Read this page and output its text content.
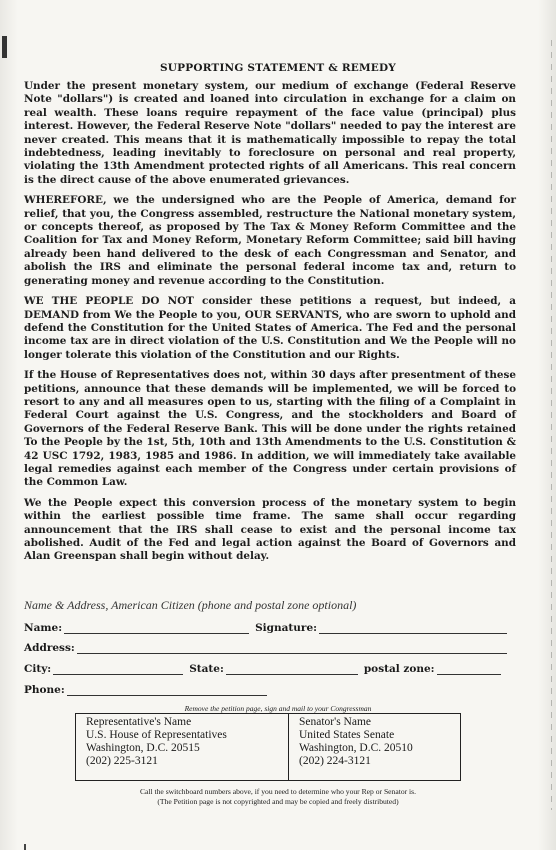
SUPPORTING STATEMENT & REMEDY

Under the present monetary system, our medium of exchange (Federal Reserve Note "dollars") is created and loaned into circulation in exchange for a claim on real wealth. These loans require repayment of the face value (principal) plus interest. However, the Federal Reserve Note "dollars" needed to pay the interest are never created. This means that it is mathematically impossible to repay the total indebtedness, leading inevitably to foreclosure on personal and real property, violating the 13th Amendment protected rights of all Americans. This real concern is the direct cause of the above enumerated grievances.

WHEREFORE, we the undersigned who are the People of America, demand for relief, that you, the Congress assembled, restructure the National monetary system, or concepts thereof, as proposed by The Tax & Money Reform Committee and the Coalition for Tax and Money Reform, Monetary Reform Committee; said bill having already been hand delivered to the desk of each Congressman and Senator, and abolish the IRS and eliminate the personal federal income tax and, return to generating money and revenue according to the Constitution.

WE THE PEOPLE DO NOT consider these petitions a request, but indeed, a DEMAND from We the People to you, OUR SERVANTS, who are sworn to uphold and defend the Constitution for the United States of America. The Fed and the personal income tax are in direct violation of the U.S. Constitution and We the People will no longer tolerate this violation of the Constitution and our Rights.

If the House of Representatives does not, within 30 days after presentment of these petitions, announce that these demands will be implemented, we will be forced to resort to any and all measures open to us, starting with the filing of a Complaint in Federal Court against the U.S. Congress, and the stockholders and Board of Governors of the Federal Reserve Bank. This will be done under the rights retained To the People by the 1st, 5th, 10th and 13th Amendments to the U.S. Constitution & 42 USC 1792, 1983, 1985 and 1986. In addition, we will immediately take available legal remedies against each member of the Congress under certain provisions of the Common Law.

We the People expect this conversion process of the monetary system to begin within the earliest possible time frame. The same shall occur regarding announcement that the IRS shall cease to exist and the personal income tax abolished. Audit of the Fed and legal action against the Board of Governors and Alan Greenspan shall begin without delay.

Name & Address, American Citizen (phone and postal zone optional)
Name:	Signature:
Address:
City:	State:	postal zone:
Phone:
Remove the petition page, sign and mail to your Congressman
Representative's Name
U.S. House of Representatives
Washington, D.C. 20515
(202) 225-3121
Senator's Name
United States Senate
Washington, D.C. 20510
(202) 224-3121
Call the switchboard numbers above, if you need to determine who your Rep or Senator is.
(The Petition page is not copyrighted and may be copied and freely distributed)
